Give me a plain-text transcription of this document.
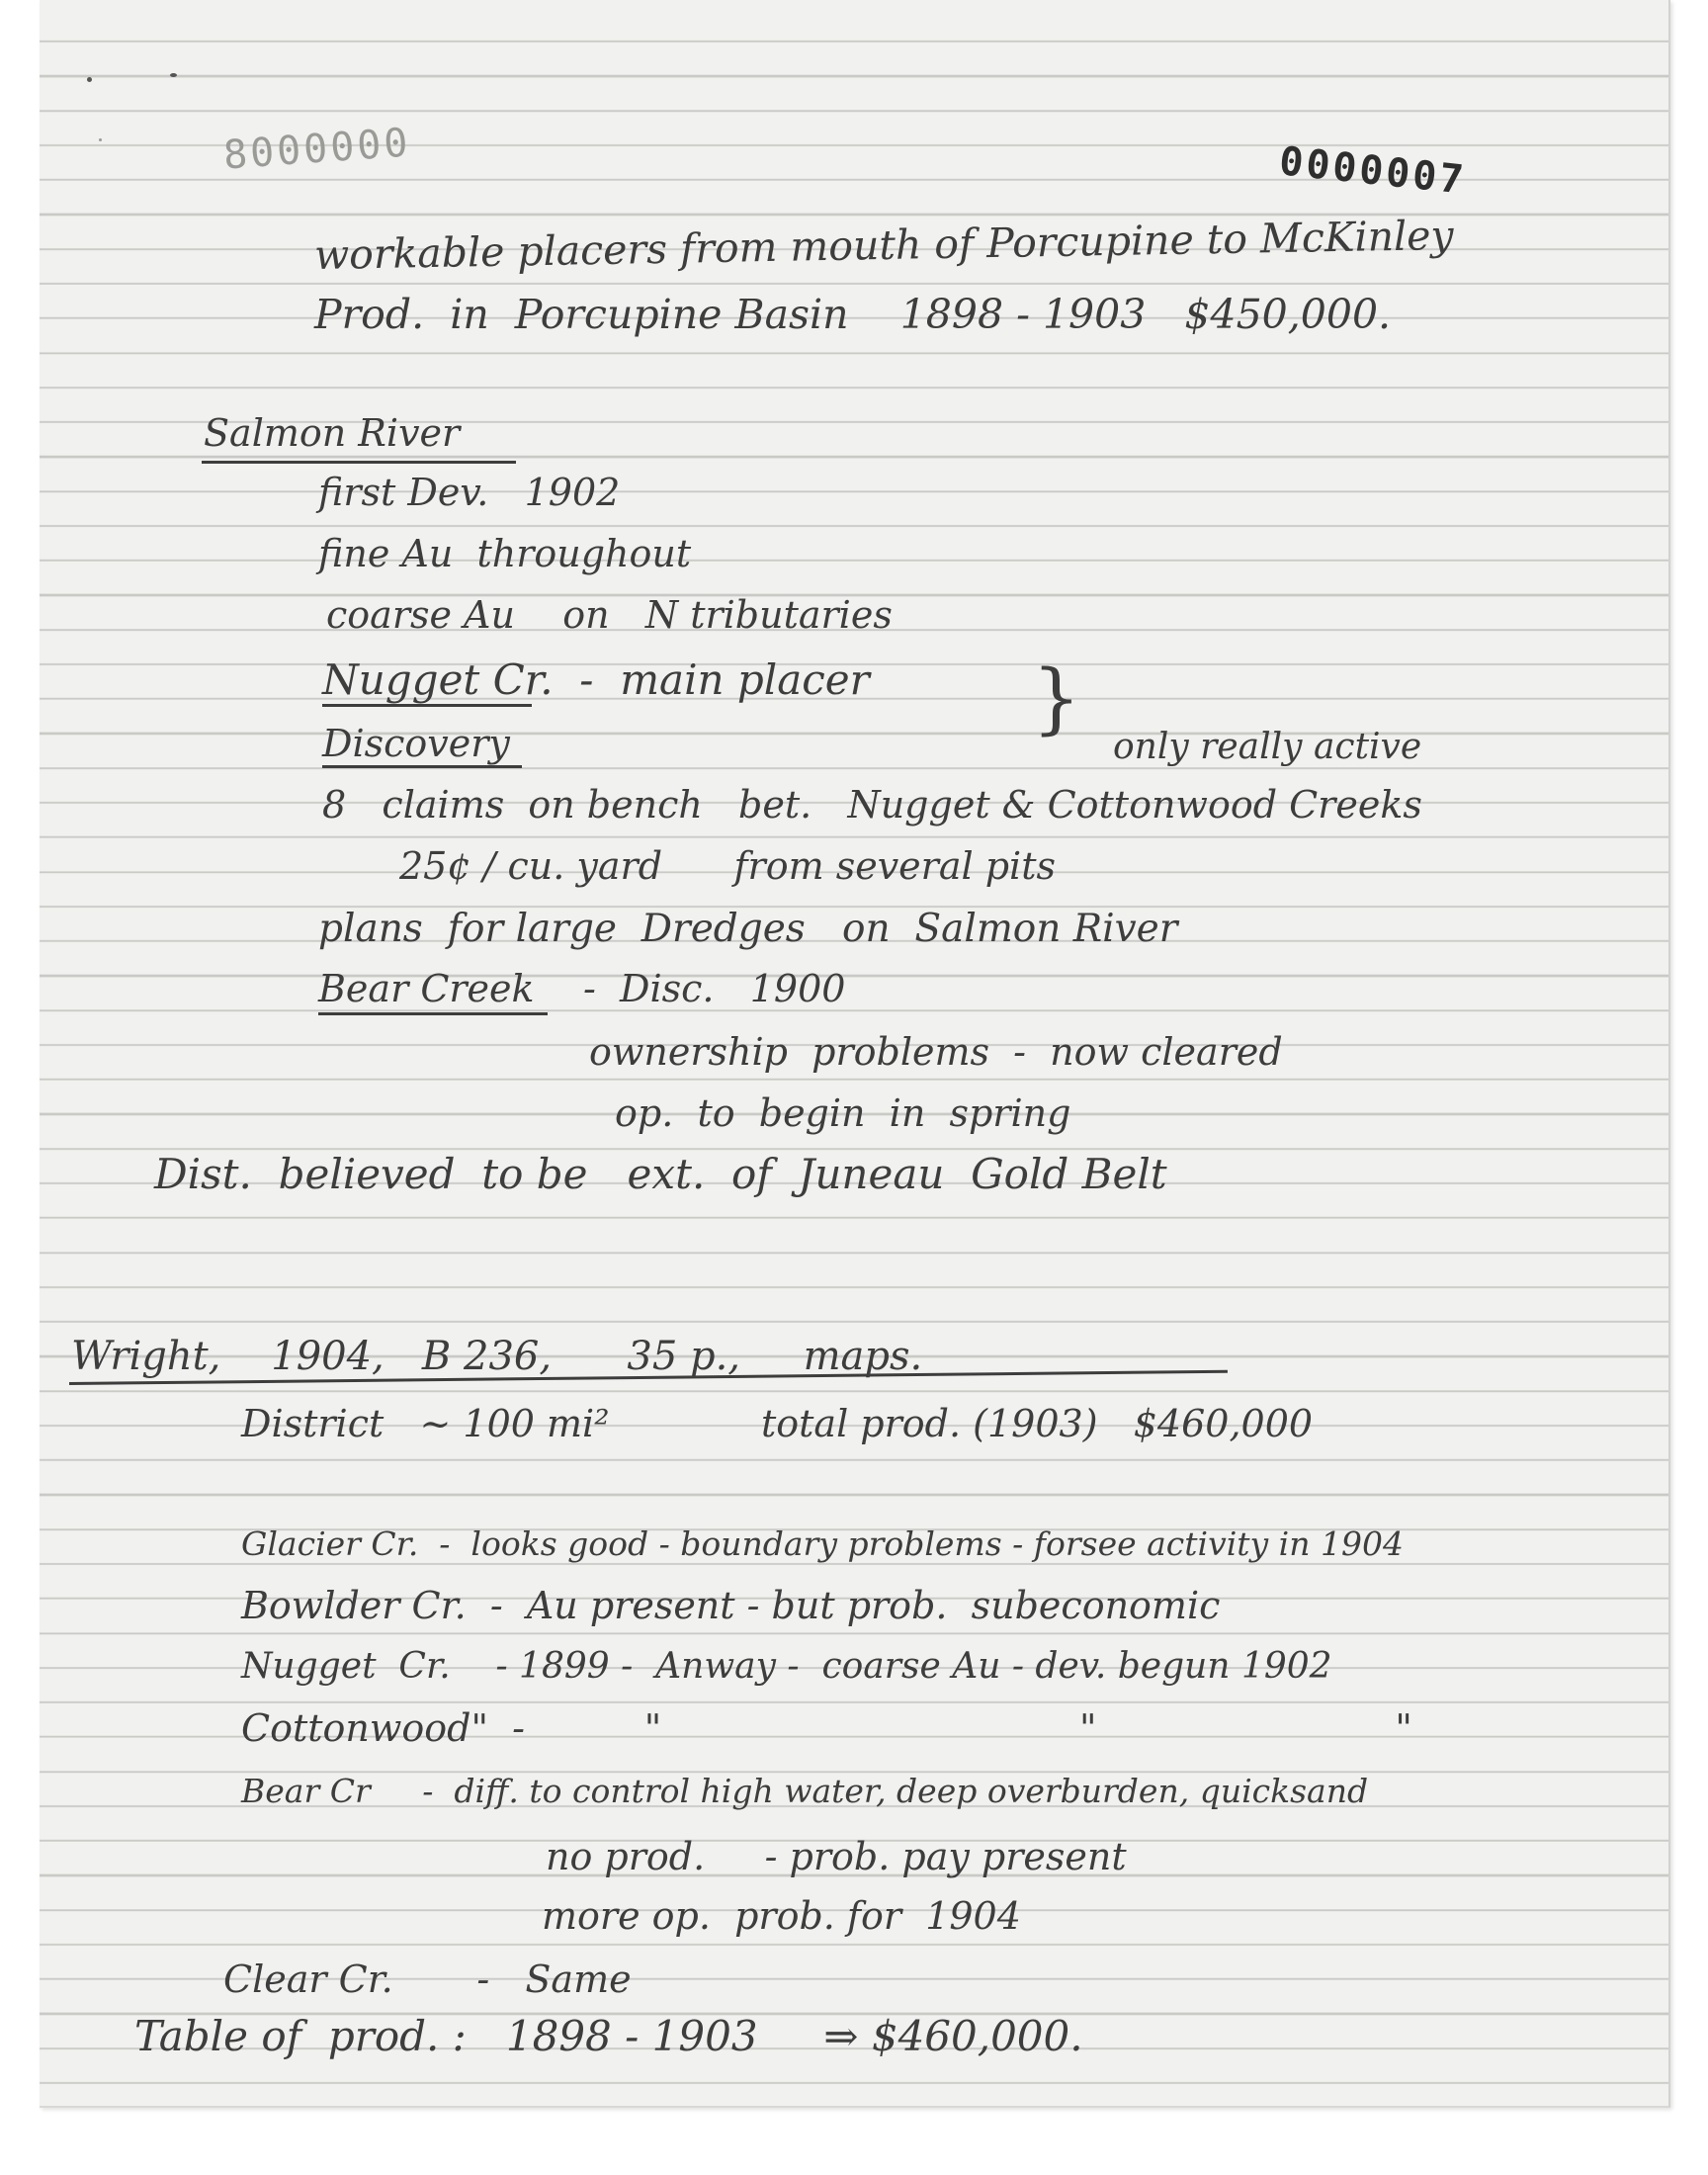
8000000	0000007
workable placers from mouth of Porcupine to McKinley
Prod.  in  Porcupine Basin    1898 - 1903   $450,000.
Salmon River
first Dev.   1902
fine Au  throughout
coarse Au    on   N tributaries
Nugget Cr.  -  main placer
Discovery	}
only really active
8   claims  on bench   bet.   Nugget & Cottonwood Creeks
25¢ / cu. yard      from several pits
plans  for large  Dredges   on  Salmon River
Bear Creek -  Disc.   1900
ownership  problems  -  now cleared
op.  to  begin  in  spring
Dist.  believed  to be   ext.  of  Juneau  Gold Belt
Wright,    1904,   B 236,      35 p.,     maps.
District   ~ 100 mi²	total prod. (1903)   $460,000
Glacier Cr.  -  looks good - boundary problems - forsee activity in 1904
Bowlder Cr.  -  Au present - but prob.  subeconomic
Nugget  Cr.    - 1899 -  Anway -  coarse Au - dev. begun 1902
Cottonwood"  -          "                                   "                         "
Bear Cr     -  diff. to control high water, deep overburden, quicksand
no prod.     - prob. pay present
more op.  prob. for  1904
Clear Cr.       -   Same
Table of  prod. :   1898 - 1903     ⇒ $460,000.
